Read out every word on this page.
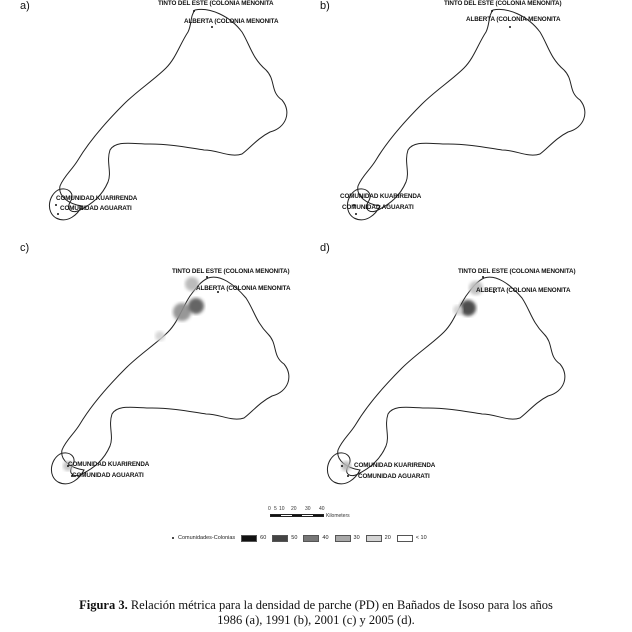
a)	TINTO DEL ESTE (COLONIA MENONITA
ALBERTA (COLONIA MENONITA
COMUNIDAD KUARIRENDA
COMUNIDAD AGUARATI
b)	TINTO DEL ESTE (COLONIA MENONITA)
ALBERTA (COLONIA MENONITA
COMUNIDAD KUARIRENDA
COMUNIDAD AGUARATI
c)
TINTO DEL ESTE (COLONIA MENONITA)
ALBERTA (COLONIA MENONITA
COMUNIDAD KUARIRENDA
COMUNIDAD AGUARATI
d)
TINTO DEL ESTE (COLONIA MENONITA)
ALBERTA (COLONIA MENONITA
COMUNIDAD KUARIRENDA
COMUNIDAD AGUARATI
0 5 10 20 30 40
Kilometers
Comunidades-Colonias	60	50	40	30	20	< 10
Figura 3. Relación métrica para la densidad de parche (PD) en Bañados de Isoso para los años
1986 (a), 1991 (b), 2001 (c) y 2005 (d).
